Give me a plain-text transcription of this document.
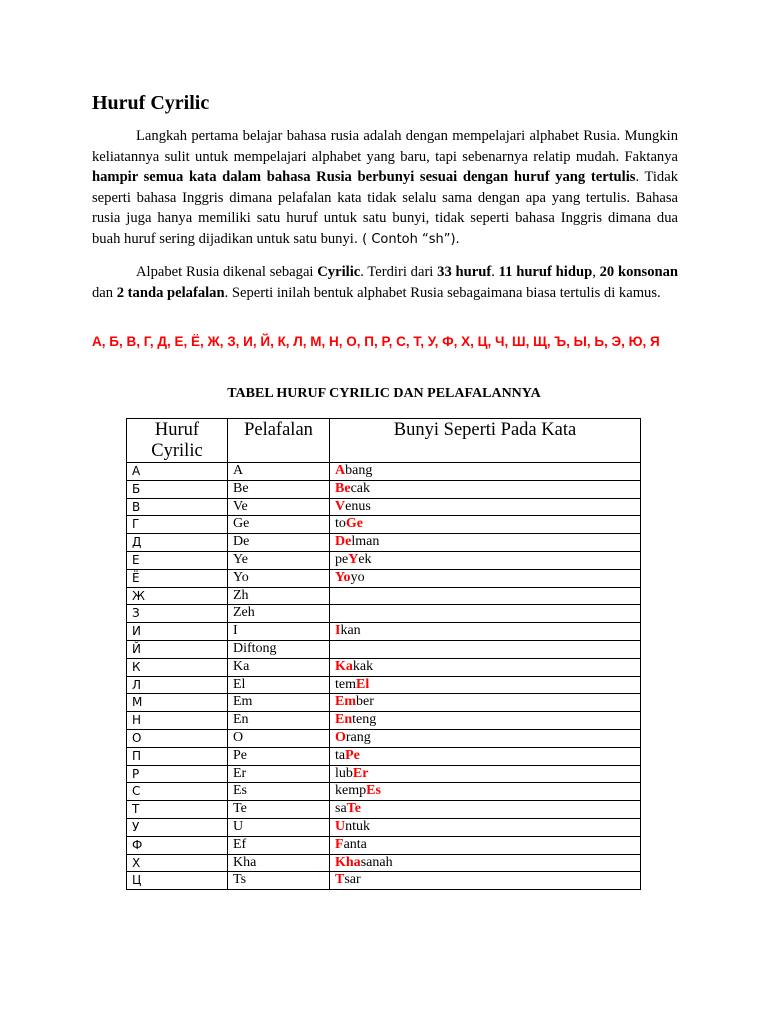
Huruf Cyrilic

Langkah pertama belajar bahasa rusia adalah dengan mempelajari alphabet Rusia. Mungkin keliatannya sulit untuk mempelajari alphabet yang baru, tapi sebenarnya relatip mudah. Faktanya hampir semua kata dalam bahasa Rusia berbunyi sesuai dengan huruf yang tertulis. Tidak seperti bahasa Inggris dimana pelafalan kata tidak selalu sama dengan apa yang tertulis. Bahasa rusia juga hanya memiliki satu huruf untuk satu bunyi, tidak seperti bahasa Inggris dimana dua buah huruf sering dijadikan untuk satu bunyi. ( Contoh “sh”).

Alpabet Rusia dikenal sebagai Cyrilic. Terdiri dari 33 huruf. 11 huruf hidup, 20 konsonan dan 2 tanda pelafalan. Seperti inilah bentuk alphabet Rusia sebagaimana biasa tertulis di kamus.

А, Б, В, Г, Д, Е, Ё, Ж, З, И, Й, К, Л, М, Н, О, П, Р, С, Т, У, Ф, Х, Ц, Ч, Ш, Щ, Ъ, Ы, Ь, Э, Ю, Я

TABEL HURUF CYRILIC DAN PELAFALANNYA

Huruf Cyrilic	Pelafalan	Bunyi Seperti Pada Kata
А	A	Abang
Б	Be	Becak
В	Ve	Venus
Г	Ge	toGe
Д	De	Delman
Е	Ye	peYek
Ё	Yo	Yoyo
Ж	Zh	
З	Zeh	
И	I	Ikan
Й	Diftong	
К	Ka	Kakak
Л	El	temEl
М	Em	Ember
Н	En	Enteng
О	O	Orang
П	Pe	taPe
Р	Er	lubEr
С	Es	kempEs
Т	Te	saTe
У	U	Untuk
Ф	Ef	Fanta
Х	Kha	Khasanah
Ц	Ts	Tsar
